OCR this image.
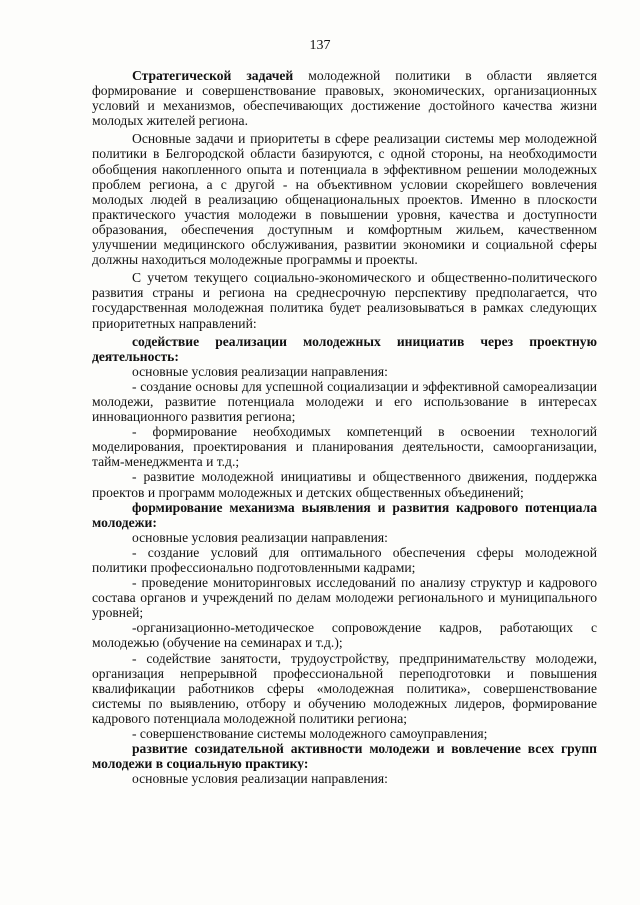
137

Стратегической задачей молодежной политики в области является формирование и совершенствование правовых, экономических, организационных условий и механизмов, обеспечивающих достижение достойного качества жизни молодых жителей региона.

Основные задачи и приоритеты в сфере реализации системы мер молодежной политики в Белгородской области базируются, с одной стороны, на необходимости обобщения накопленного опыта и потенциала в эффективном решении молодежных проблем региона, а с другой - на объективном условии скорейшего вовлечения молодых людей в реализацию общенациональных проектов. Именно в плоскости практического участия молодежи в повышении уровня, качества и доступности образования, обеспечения доступным и комфортным жильем, качественном улучшении медицинского обслуживания, развитии экономики и социальной сферы должны находиться молодежные программы и проекты.

С учетом текущего социально-экономического и общественно-политического развития страны и региона на среднесрочную перспективу предполагается, что государственная молодежная политика будет реализовываться в рамках следующих приоритетных направлений:

содействие реализации молодежных инициатив через проектную деятельность:

основные условия реализации направления:

- создание основы для успешной социализации и эффективной самореализации молодежи, развитие потенциала молодежи и его использование в интересах инновационного развития региона;

- формирование необходимых компетенций в освоении технологий моделирования, проектирования и планирования деятельности, самоорганизации, тайм-менеджмента и т.д.;

- развитие молодежной инициативы и общественного движения, поддержка проектов и программ молодежных и детских общественных объединений;

формирование механизма выявления и развития кадрового потенциала молодежи:

основные условия реализации направления:

- создание условий для оптимального обеспечения сферы молодежной политики профессионально подготовленными кадрами;

- проведение мониторинговых исследований по анализу структур и кадрового состава органов и учреждений по делам молодежи регионального и муниципального уровней;

-организационно-методическое сопровождение кадров, работающих с молодежью (обучение на семинарах и т.д.);

- содействие занятости, трудоустройству, предпринимательству молодежи, организация непрерывной профессиональной переподготовки и повышения квалификации работников сферы «молодежная политика», совершенствование системы по выявлению, отбору и обучению молодежных лидеров, формирование кадрового потенциала молодежной политики региона;

- совершенствование системы молодежного самоуправления;

развитие созидательной активности молодежи и вовлечение всех групп молодежи в социальную практику:

основные условия реализации направления:
